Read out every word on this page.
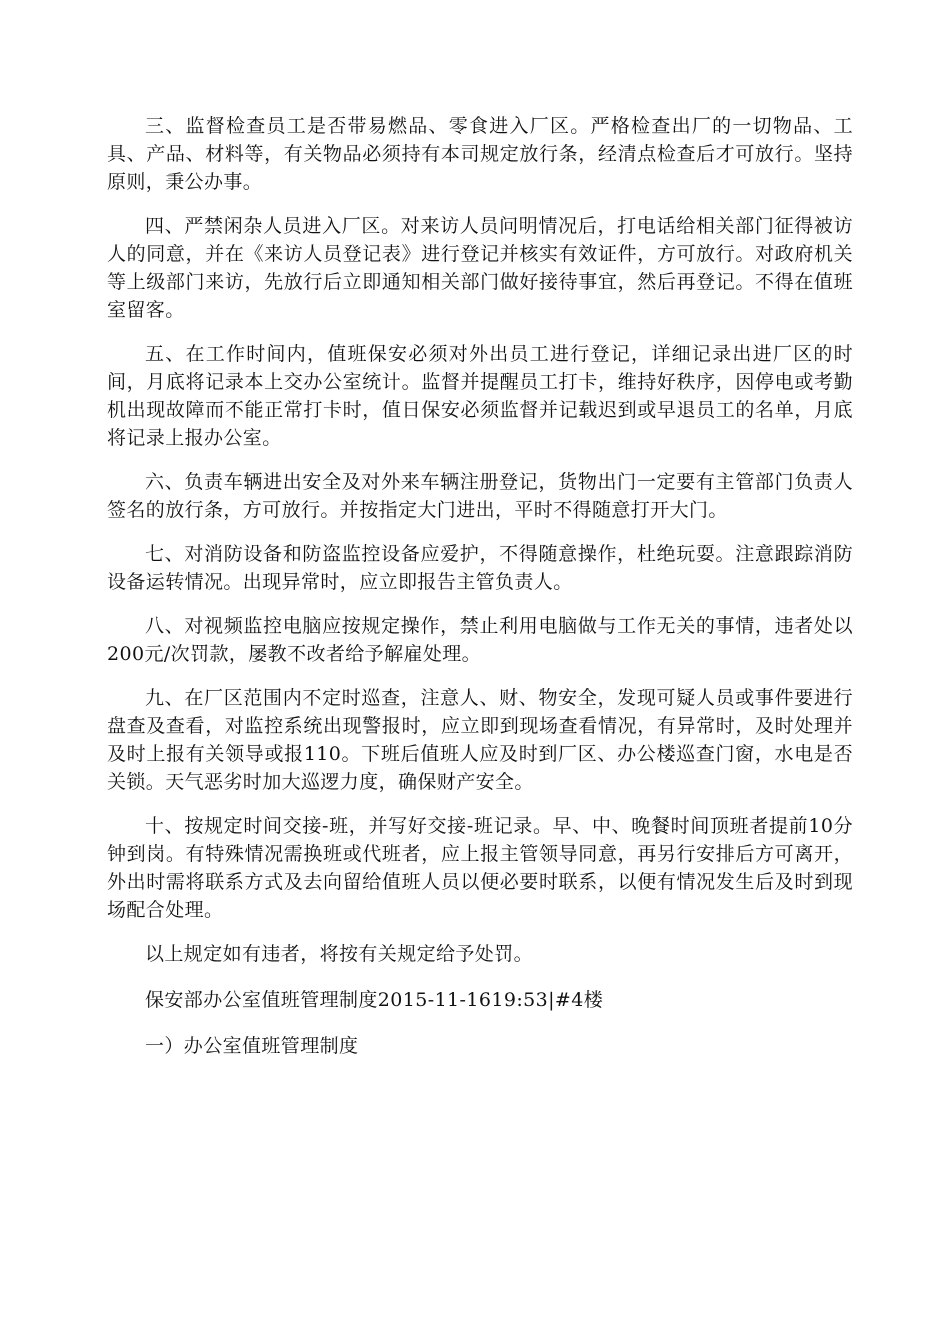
三、监督检查员工是否带易燃品、零食进入厂区。严格检查出厂的一切物品、工具、产品、材料等，有关物品必须持有本司规定放行条，经清点检查后才可放行。坚持原则，秉公办事。

四、严禁闲杂人员进入厂区。对来访人员问明情况后，打电话给相关部门征得被访人的同意，并在《来访人员登记表》进行登记并核实有效证件，方可放行。对政府机关等上级部门来访，先放行后立即通知相关部门做好接待事宜，然后再登记。不得在值班室留客。

五、在工作时间内，值班保安必须对外出员工进行登记，详细记录出进厂区的时间，月底将记录本上交办公室统计。监督并提醒员工打卡，维持好秩序，因停电或考勤机出现故障而不能正常打卡时，值日保安必须监督并记载迟到或早退员工的名单，月底将记录上报办公室。

六、负责车辆进出安全及对外来车辆注册登记，货物出门一定要有主管部门负责人签名的放行条，方可放行。并按指定大门进出，平时不得随意打开大门。

七、对消防设备和防盗监控设备应爱护，不得随意操作，杜绝玩耍。注意跟踪消防设备运转情况。出现异常时，应立即报告主管负责人。

八、对视频监控电脑应按规定操作，禁止利用电脑做与工作无关的事情，违者处以200元/次罚款，屡教不改者给予解雇处理。

九、在厂区范围内不定时巡查，注意人、财、物安全，发现可疑人员或事件要进行盘查及查看，对监控系统出现警报时，应立即到现场查看情况，有异常时，及时处理并及时上报有关领导或报110。下班后值班人应及时到厂区、办公楼巡查门窗，水电是否关锁。天气恶劣时加大巡逻力度，确保财产安全。

十、按规定时间交接-班，并写好交接-班记录。早、中、晚餐时间顶班者提前10分钟到岗。有特殊情况需换班或代班者，应上报主管领导同意，再另行安排后方可离开，外出时需将联系方式及去向留给值班人员以便必要时联系，以便有情况发生后及时到现场配合处理。

以上规定如有违者，将按有关规定给予处罚。

保安部办公室值班管理制度2015-11-1619:53|#4楼

一）办公室值班管理制度
